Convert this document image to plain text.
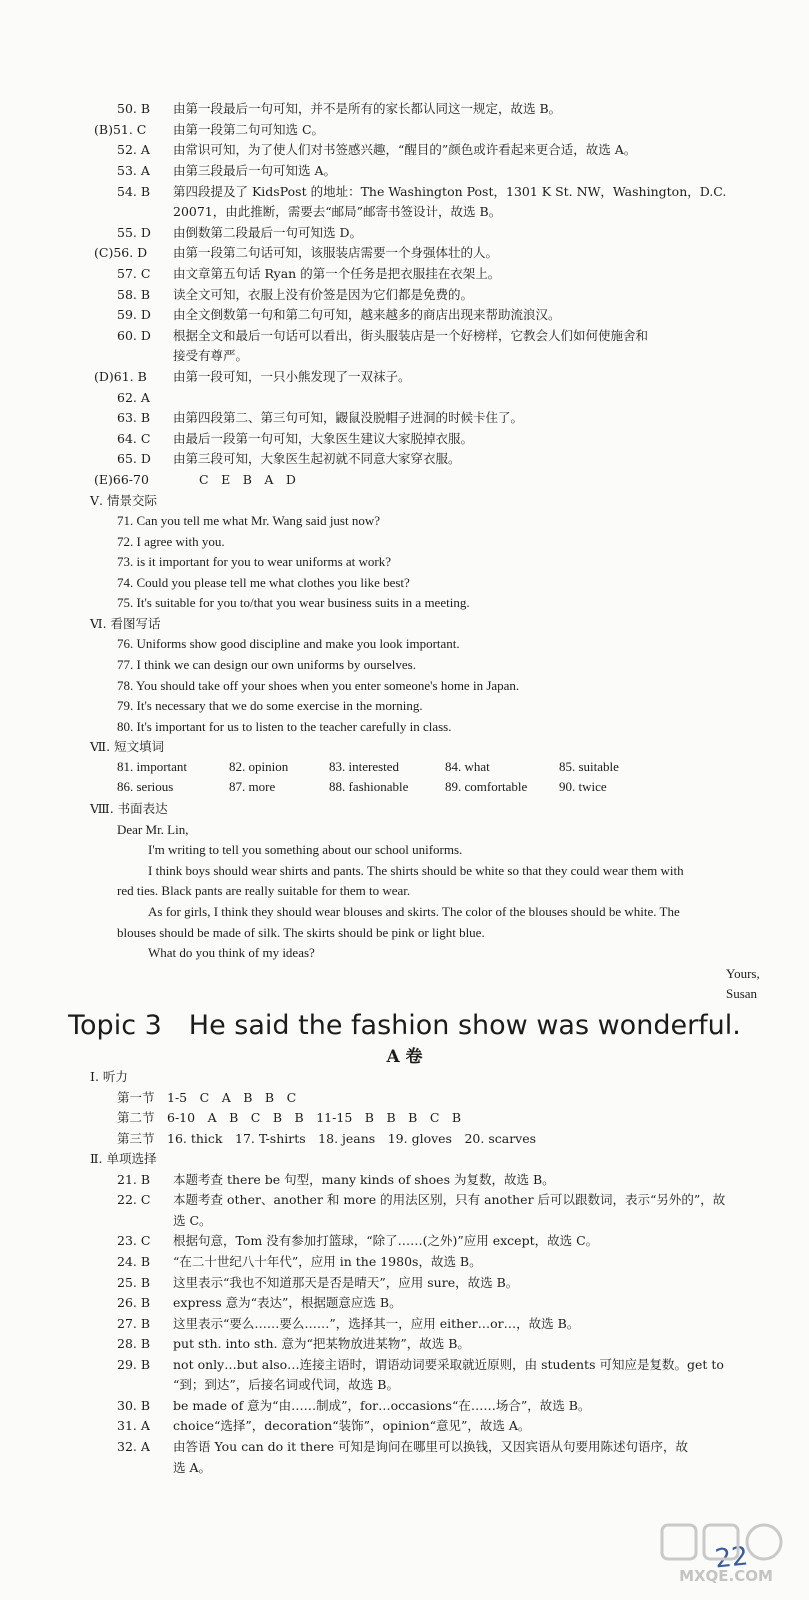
50. B 由第一段最后一句可知，并不是所有的家长都认同这一规定，故选 B。
(B)51. C 由第一段第二句可知选 C。
52. A 由常识可知，为了使人们对书签感兴趣，“醒目的”颜色或许看起来更合适，故选 A。
53. A 由第三段最后一句可知选 A。
54. B 第四段提及了 KidsPost 的地址：The Washington Post，1301 K St. NW，Washington，D.C.
20071，由此推断，需要去“邮局”邮寄书签设计，故选 B。
55. D 由倒数第二段最后一句可知选 D。
(C)56. D 由第一段第二句话可知，该服装店需要一个身强体壮的人。
57. C 由文章第五句话 Ryan 的第一个任务是把衣服挂在衣架上。
58. B 读全文可知，衣服上没有价签是因为它们都是免费的。
59. D 由全文倒数第一句和第二句可知，越来越多的商店出现来帮助流浪汉。
60. D 根据全文和最后一句话可以看出，街头服装店是一个好榜样，它教会人们如何使施舍和
接受有尊严。
(D)61. B 由第一段可知，一只小熊发现了一双袜子。
62. A
63. B 由第四段第二、第三句可知，鼹鼠没脱帽子进洞的时候卡住了。
64. C 由最后一段第一句可知，大象医生建议大家脱掉衣服。
65. D 由第三段可知，大象医生起初就不同意大家穿衣服。
(E)66-70	C　E　B　A　D
Ⅴ. 情景交际
71. Can you tell me what Mr. Wang said just now?
72. I agree with you.
73. is it important for you to wear uniforms at work?
74. Could you please tell me what clothes you like best?
75. It's suitable for you to/that you wear business suits in a meeting.
Ⅵ. 看图写话
76. Uniforms show good discipline and make you look important.
77. I think we can design our own uniforms by ourselves.
78. You should take off your shoes when you enter someone's home in Japan.
79. It's necessary that we do some exercise in the morning.
80. It's important for us to listen to the teacher carefully in class.
Ⅶ. 短文填词
81. important	82. opinion	83. interested	84. what	85. suitable
86. serious	87. more	88. fashionable	89. comfortable 90. twice
Ⅷ. 书面表达
Dear Mr. Lin,
I'm writing to tell you something about our school uniforms.
I think boys should wear shirts and pants. The shirts should be white so that they could wear them with
red ties. Black pants are really suitable for them to wear.
As for girls, I think they should wear blouses and skirts. The color of the blouses should be white. The
blouses should be made of silk. The skirts should be pink or light blue.
What do you think of my ideas?
Yours,
Susan
Topic 3　He said the fashion show was wonderful.
A 卷
Ⅰ. 听力
第一节　1-5　C　A　B　B　C
第二节　6-10　A　B　C　B　B　11-15　B　B　B　C　B
第三节　16. thick　17. T-shirts　18. jeans　19. gloves　20. scarves
Ⅱ. 单项选择
21. B 本题考查 there be 句型，many kinds of shoes 为复数，故选 B。
22. C 本题考查 other、another 和 more 的用法区别，只有 another 后可以跟数词，表示“另外的”，故
选 C。
23. C 根据句意，Tom 没有参加打篮球，“除了……(之外)”应用 except，故选 C。
24. B “在二十世纪八十年代”，应用 in the 1980s，故选 B。
25. B 这里表示“我也不知道那天是否是晴天”，应用 sure，故选 B。
26. B express 意为“表达”，根据题意应选 B。
27. B 这里表示“要么……要么……”，选择其一，应用 either…or…，故选 B。
28. B put sth. into sth. 意为“把某物放进某物”，故选 B。
29. B not only…but also…连接主语时，谓语动词要采取就近原则，由 students 可知应是复数。get to
“到；到达”，后接名词或代词，故选 B。
30. B be made of 意为“由……制成”，for…occasions“在……场合”，故选 B。
31. A choice“选择”，decoration“装饰”，opinion“意见”，故选 A。
32. A 由答语 You can do it there 可知是询问在哪里可以换钱，又因宾语从句要用陈述句语序，故
选 A。
22
MXQE.COM
